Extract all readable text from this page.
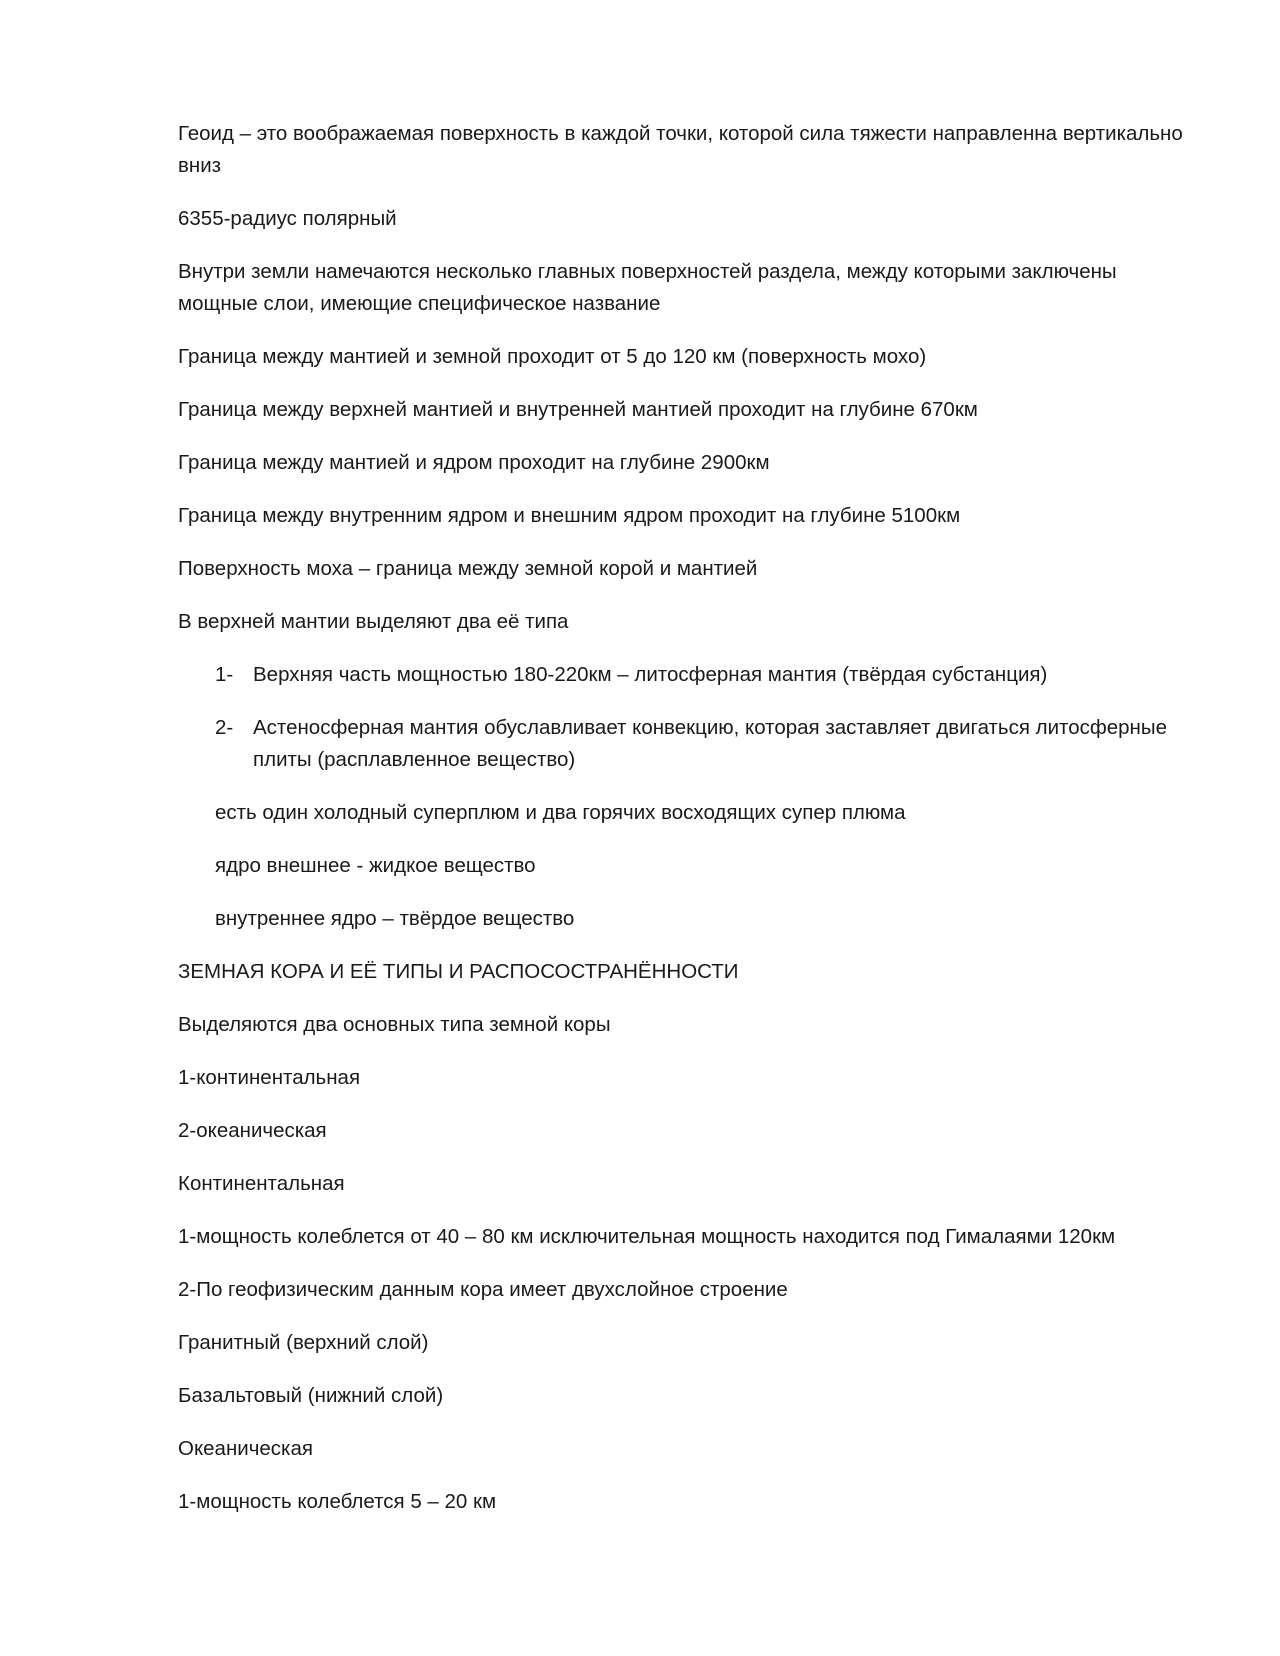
Геоид – это воображаемая поверхность в каждой точки, которой сила тяжести направленна вертикально вниз

6355-радиус полярный

Внутри земли намечаются несколько главных поверхностей раздела, между которыми заключены мощные слои, имеющие специфическое название

Граница между мантией и земной проходит от 5 до 120 км (поверхность мохо)

Граница между верхней мантией и внутренней мантией проходит на глубине 670км

Граница между мантией и ядром проходит на глубине 2900км

Граница между внутренним ядром и внешним ядром проходит на глубине 5100км

Поверхность моха – граница между земной корой и мантией

В верхней мантии выделяют два её типа

1- Верхняя часть мощностью 180-220км – литосферная мантия (твёрдая субстанция)
2- Астеносферная мантия обуславливает конвекцию, которая заставляет двигаться литосферные плиты (расплавленное вещество)

есть один холодный суперплюм и два горячих восходящих супер плюма

ядро внешнее - жидкое вещество

внутреннее ядро – твёрдое вещество

ЗЕМНАЯ КОРА И ЕЁ ТИПЫ И РАСПОСОСТРАНЁННОСТИ

Выделяются два основных типа земной коры

1-континентальная

2-океаническая

Континентальная

1-мощность колеблется от 40 – 80 км исключительная мощность находится под Гималаями 120км

2-По геофизическим данным кора имеет двухслойное строение

Гранитный (верхний слой)

Базальтовый (нижний слой)

Океаническая

1-мощность колеблется 5 – 20 км
